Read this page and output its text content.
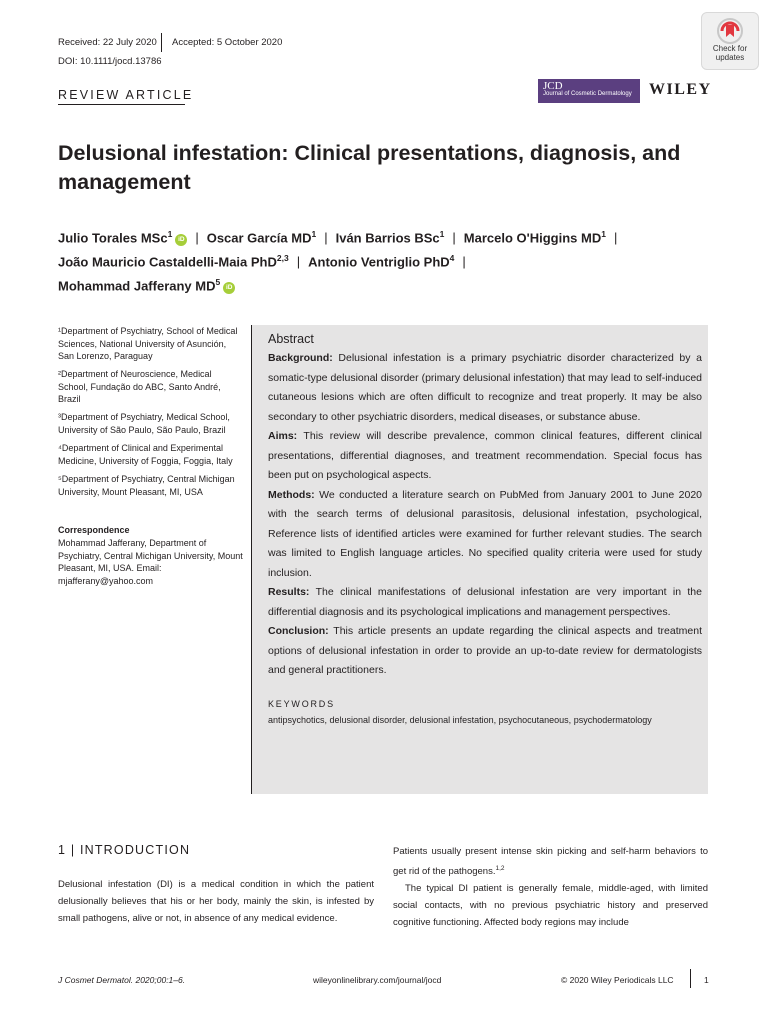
Received: 22 July 2020 Accepted: 5 October 2020
DOI: 10.1111/jocd.13786
REVIEW ARTICLE
JCD
Journal of Cosmetic Dermatology WILEY
Check for updates
Delusional infestation: Clinical presentations, diagnosis, and management
Julio Torales MSc$^1$iD | Oscar García $MD^1$ | Iván Barrios BSc$^1$ | Marcelo O'Higgins $MD^1$ |
João Mauricio Castaldelli-Maia PhD$^{2,3}$ | Antonio Ventriglio PhD$^4$ |
Mohammad Jafferany $MD^5iD$
¹Department of Psychiatry, School of Medical Sciences, National University of Asunción, San Lorenzo, Paraguay
²Department of Neuroscience, Medical School, Fundação do ABC, Santo André, Brazil
³Department of Psychiatry, Medical School, University of São Paulo, São Paulo, Brazil
⁴Department of Clinical and Experimental Medicine, University of Foggia, Foggia, Italy
⁵Department of Psychiatry, Central Michigan University, Mount Pleasant, MI, USA
Correspondence
Mohammad Jafferany, Department of Psychiatry, Central Michigan University, Mount Pleasant, MI, USA. Email: mjafferany@yahoo.com
Abstract

Background: Delusional infestation is a primary psychiatric disorder characterized by a somatic-type delusional disorder (primary delusional infestation) that may lead to self-induced cutaneous lesions which are often difficult to recognize and treat properly. It may be also secondary to other psychiatric disorders, medical diseases, or substance abuse.

Aims: This review will describe prevalence, common clinical features, different clinical presentations, differential diagnoses, and treatment recommendation. Special focus has been put on psychological aspects.

Methods: We conducted a literature search on PubMed from January 2001 to June 2020 with the search terms of delusional parasitosis, delusional infestation, psychological, Reference lists of identified articles were examined for further relevant studies. The search was limited to English language articles. No specified quality criteria were used for study inclusion.

Results: The clinical manifestations of delusional infestation are very important in the differential diagnosis and its psychological implications and management perspectives.

Conclusion: This article presents an update regarding the clinical aspects and treatment options of delusional infestation in order to provide an up-to-date review for dermatologists and general practitioners.

KEYWORDS
antipsychotics, delusional disorder, delusional infestation, psychocutaneous, psychodermatology
1 | INTRODUCTION

Delusional infestation (DI) is a medical condition in which the patient delusionally believes that his or her body, mainly the skin, is infested by small pathogens, alive or not, in absence of any medical evidence.

Patients usually present intense skin picking and self-harm behaviors to get rid of the pathogens.$^{1,2}$

The typical DI patient is generally female, middle-aged, with limited social contacts, with no previous psychiatric history and preserved cognitive functioning. Affected body regions may include

J Cosmet Dermatol. 2020;00:1–6.	wileyonlinelibrary.com/journal/jocd	© 2020 Wiley Periodicals LLC	1
